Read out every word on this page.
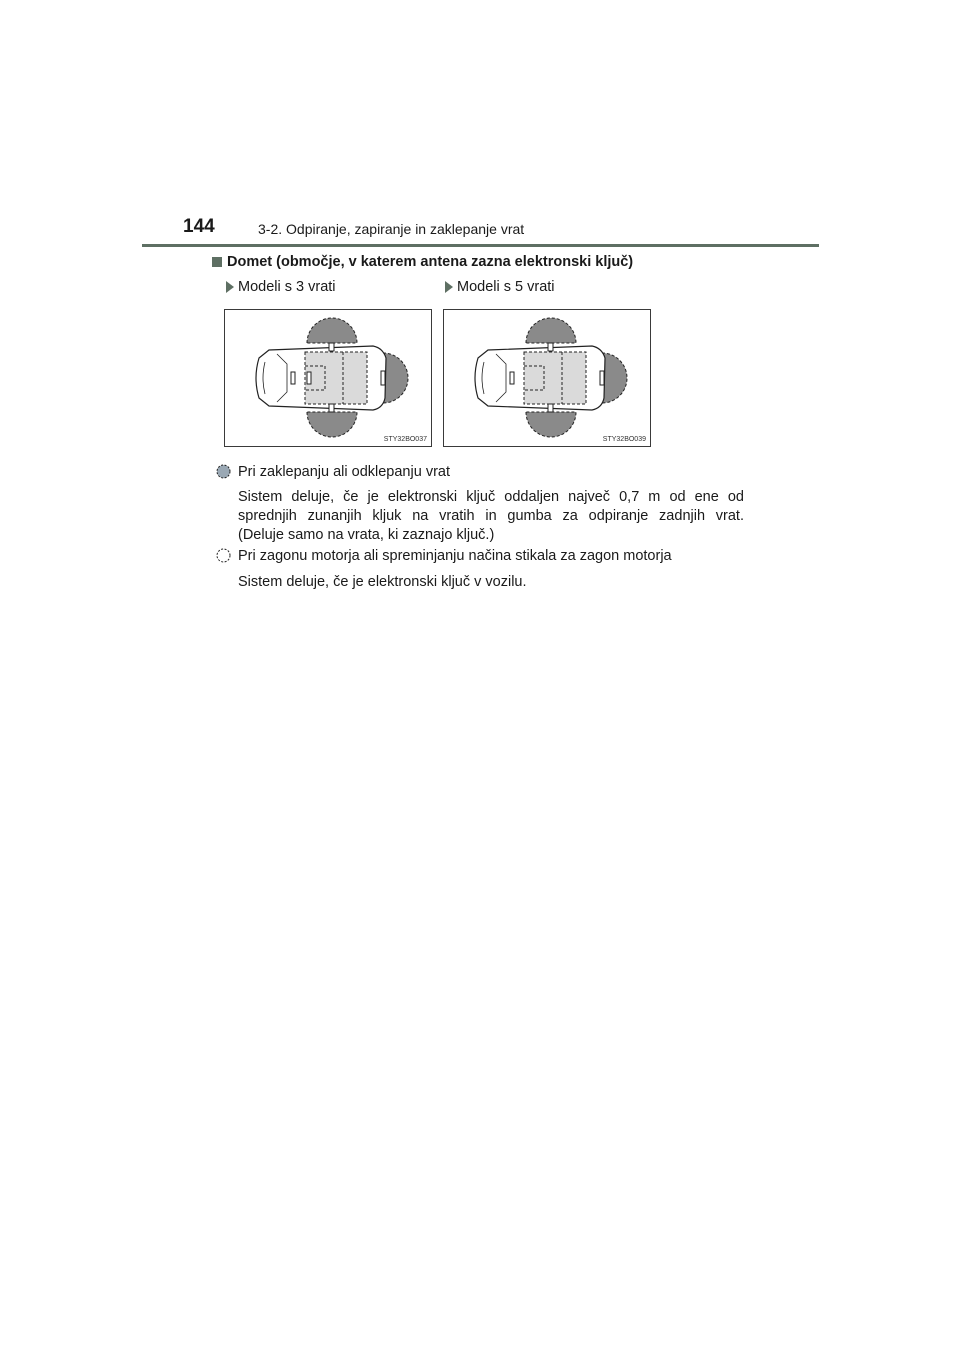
144	3-2. Odpiranje, zapiranje in zaklepanje vrat
Domet (območje, v katerem antena zazna elektronski ključ)
Modeli s 3 vrati	Modeli s 5 vrati
STY32BO037	STY32BO039
Pri zaklepanju ali odklepanju vrat
Sistem deluje, če je elektronski ključ oddaljen največ 0,7 m od ene od
sprednjih zunanjih kljuk na vratih in gumba za odpiranje zadnjih vrat.
(Deluje samo na vrata, ki zaznajo ključ.)
Pri zagonu motorja ali spreminjanju načina stikala za zagon motorja
Sistem deluje, če je elektronski ključ v vozilu.
